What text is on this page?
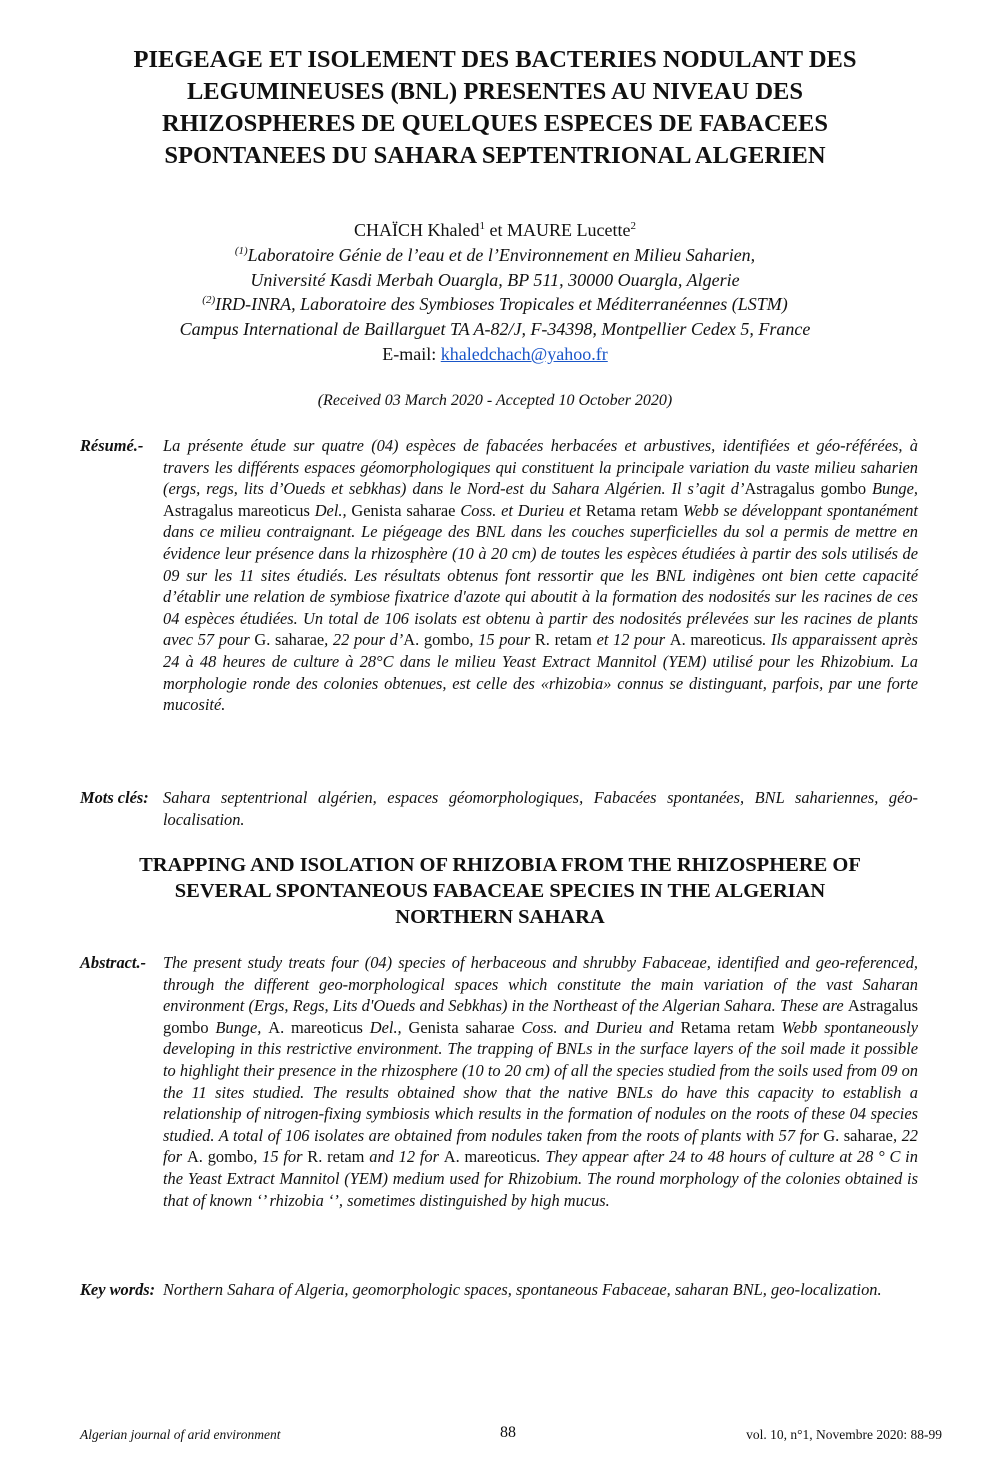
PIEGEAGE ET ISOLEMENT DES BACTERIES NODULANT DES
LEGUMINEUSES (BNL) PRESENTES AU NIVEAU DES
RHIZOSPHERES DE QUELQUES ESPECES DE FABACEES
SPONTANEES DU SAHARA SEPTENTRIONAL ALGERIEN
CHAÏCH Khaled$^1$ et MAURE Lucette$^2$
$^{(1)}$Laboratoire Génie de l’eau et de l’Environnement en Milieu Saharien,
Université Kasdi Merbah Ouargla, BP 511, 30000 Ouargla, Algerie
$^{(2)}$IRD-INRA, Laboratoire des Symbioses Tropicales et Méditerranéennes (LSTM)
Campus International de Baillarguet TA A-82/J, F-34398, Montpellier Cedex 5, France
E-mail: khaledchach@yahoo.fr
(Received 03 March 2020 - Accepted 10 October 2020)
Résumé.- La présente étude sur quatre (04) espèces de fabacées herbacées et arbustives, identifiées et géo-référées, à travers les différents espaces géomorphologiques qui constituent la principale variation du vaste milieu saharien (ergs, regs, lits d’Oueds et sebkhas) dans le Nord-est du Sahara Algérien. Il s’agit d’Astragalus gombo Bunge, Astragalus mareoticus Del., Genista saharae Coss. et Durieu et Retama retam Webb se développant spontanément dans ce milieu contraignant. Le piégeage des BNL dans les couches superficielles du sol a permis de mettre en évidence leur présence dans la rhizosphère (10 à 20 cm) de toutes les espèces étudiées à partir des sols utilisés de 09 sur les 11 sites étudiés. Les résultats obtenus font ressortir que les BNL indigènes ont bien cette capacité d’établir une relation de symbiose fixatrice d'azote qui aboutit à la formation des nodosités sur les racines de ces 04 espèces étudiées. Un total de 106 isolats est obtenu à partir des nodosités prélevées sur les racines de plants avec 57 pour G. saharae, 22 pour d’A. gombo, 15 pour R. retam et 12 pour A. mareoticus. Ils apparaissent après 24 à 48 heures de culture à 28°C dans le milieu Yeast Extract Mannitol (YEM) utilisé pour les Rhizobium. La morphologie ronde des colonies obtenues, est celle des «rhizobia» connus se distinguant, parfois, par une forte mucosité.
Mots clés: Sahara septentrional algérien, espaces géomorphologiques, Fabacées spontanées, BNL sahariennes, géo-localisation.
TRAPPING AND ISOLATION OF RHIZOBIA FROM THE RHIZOSPHERE OF
SEVERAL SPONTANEOUS FABACEAE SPECIES IN THE ALGERIAN
NORTHERN SAHARA
Abstract.- The present study treats four (04) species of herbaceous and shrubby Fabaceae, identified and geo-referenced, through the different geo-morphological spaces which constitute the main variation of the vast Saharan environment (Ergs, Regs, Lits d'Oueds and Sebkhas) in the Northeast of the Algerian Sahara. These are Astragalus gombo Bunge, A. mareoticus Del., Genista saharae Coss. and Durieu and Retama retam Webb spontaneously developing in this restrictive environment. The trapping of BNLs in the surface layers of the soil made it possible to highlight their presence in the rhizosphere (10 to 20 cm) of all the species studied from the soils used from 09 on the 11 sites studied. The results obtained show that the native BNLs do have this capacity to establish a relationship of nitrogen-fixing symbiosis which results in the formation of nodules on the roots of these 04 species studied. A total of 106 isolates are obtained from nodules taken from the roots of plants with 57 for G. saharae, 22 for A. gombo, 15 for R. retam and 12 for A. mareoticus. They appear after 24 to 48 hours of culture at 28 ° C in the Yeast Extract Mannitol (YEM) medium used for Rhizobium. The round morphology of the colonies obtained is that of known ‘’ rhizobia ‘’, sometimes distinguished by high mucus.
Key words: Northern Sahara of Algeria, geomorphologic spaces, spontaneous Fabaceae, saharan BNL, geo-localization.
Algerian journal of arid environment	88	vol. 10, n°1, Novembre 2020: 88-99
